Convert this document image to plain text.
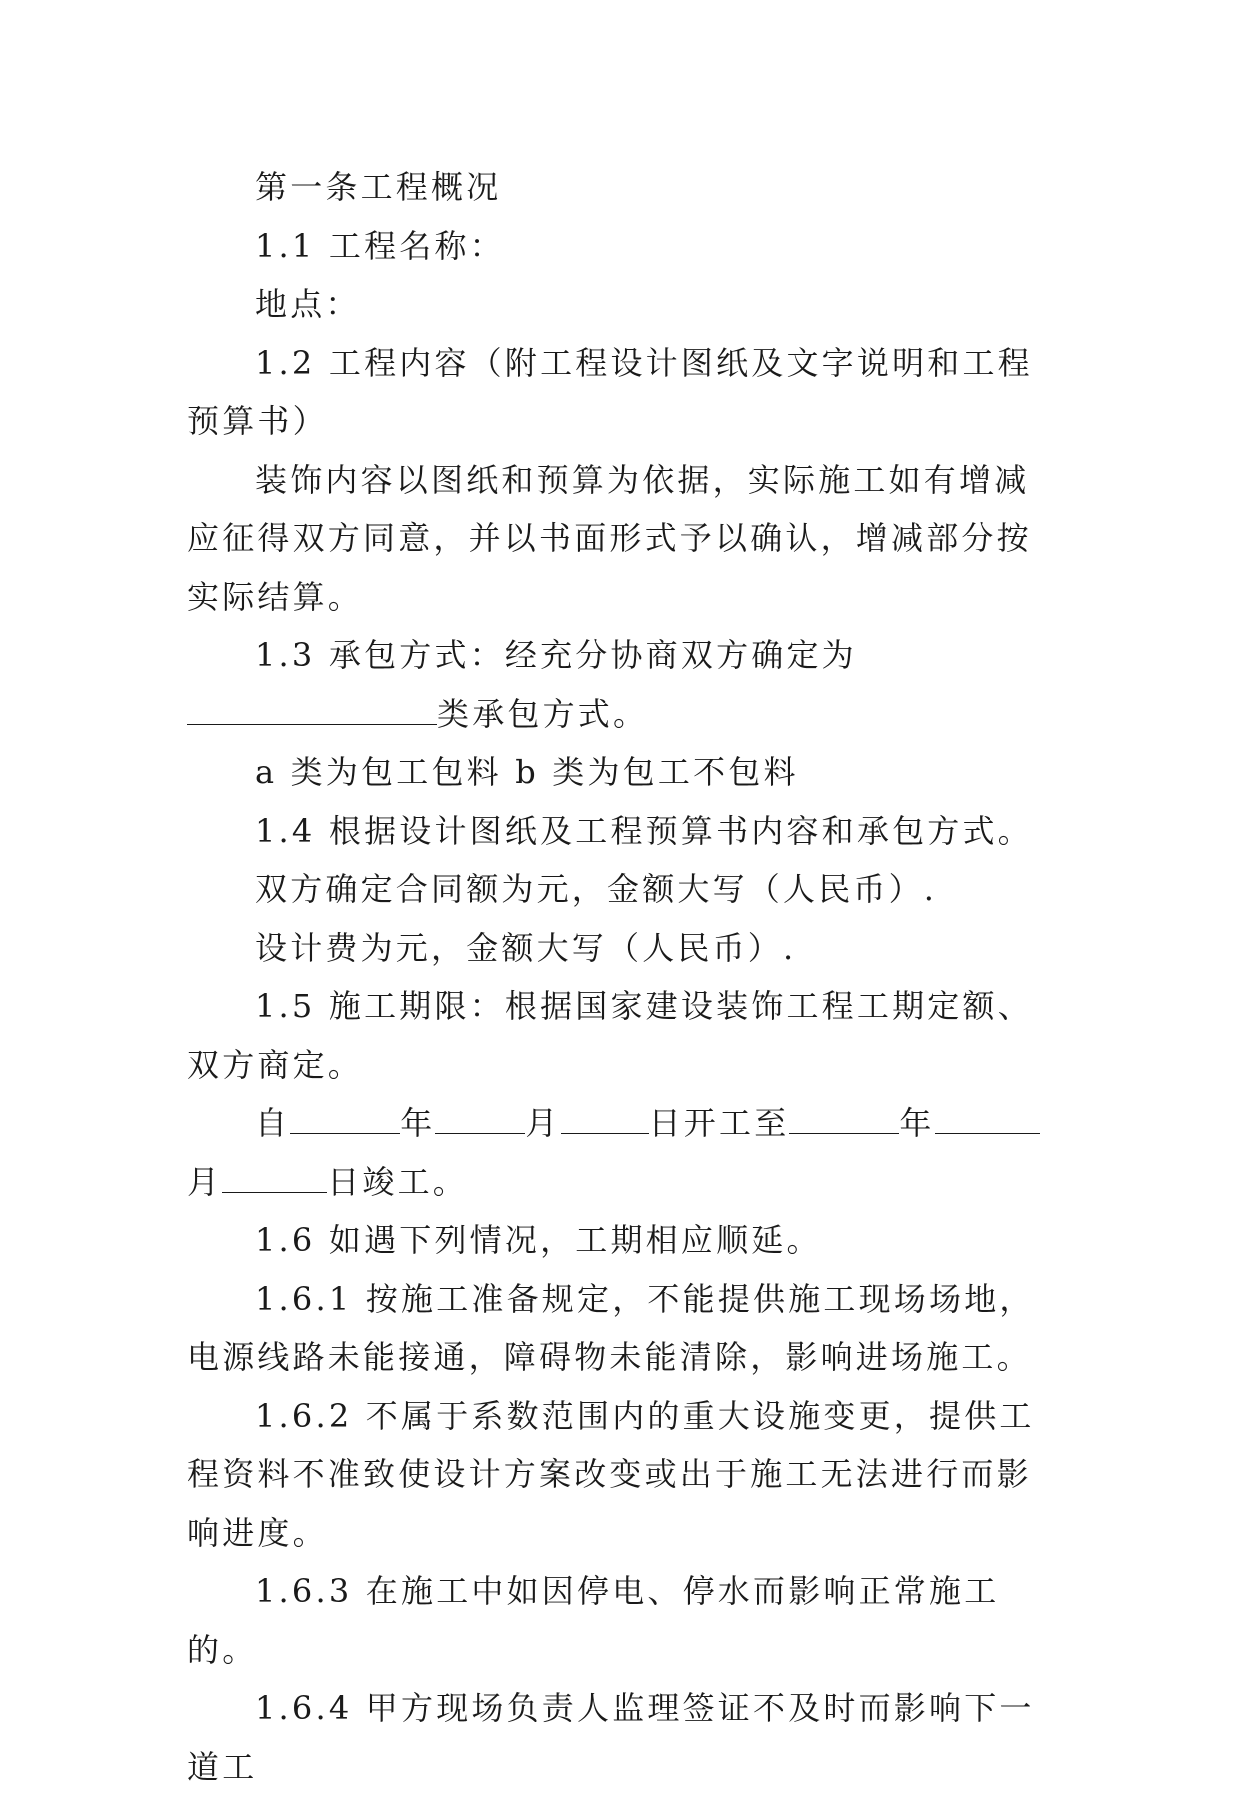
第一条工程概况

1.1 工程名称：

地点：

1.2 工程内容（附工程设计图纸及文字说明和工程预算书）

装饰内容以图纸和预算为依据，实际施工如有增减应征得双方同意，并以书面形式予以确认，增减部分按实际结算。

1.3 承包方式：经充分协商双方确定为类承包方式。

a 类为包工包料 b 类为包工不包料

1.4 根据设计图纸及工程预算书内容和承包方式。

双方确定合同额为元，金额大写（人民币）.

设计费为元，金额大写（人民币）.

1.5 施工期限：根据国家建设装饰工程工期定额、双方商定。

自	年	月	日开工至	年月	日竣工。

1.6 如遇下列情况，工期相应顺延。

1.6.1 按施工准备规定，不能提供施工现场场地，电源线路未能接通，障碍物未能清除，影响进场施工。

1.6.2 不属于系数范围内的重大设施变更，提供工程资料不准致使设计方案改变或出于施工无法进行而影响进度。

1.6.3 在施工中如因停电、停水而影响正常施工的。

1.6.4 甲方现场负责人监理签证不及时而影响下一道工
